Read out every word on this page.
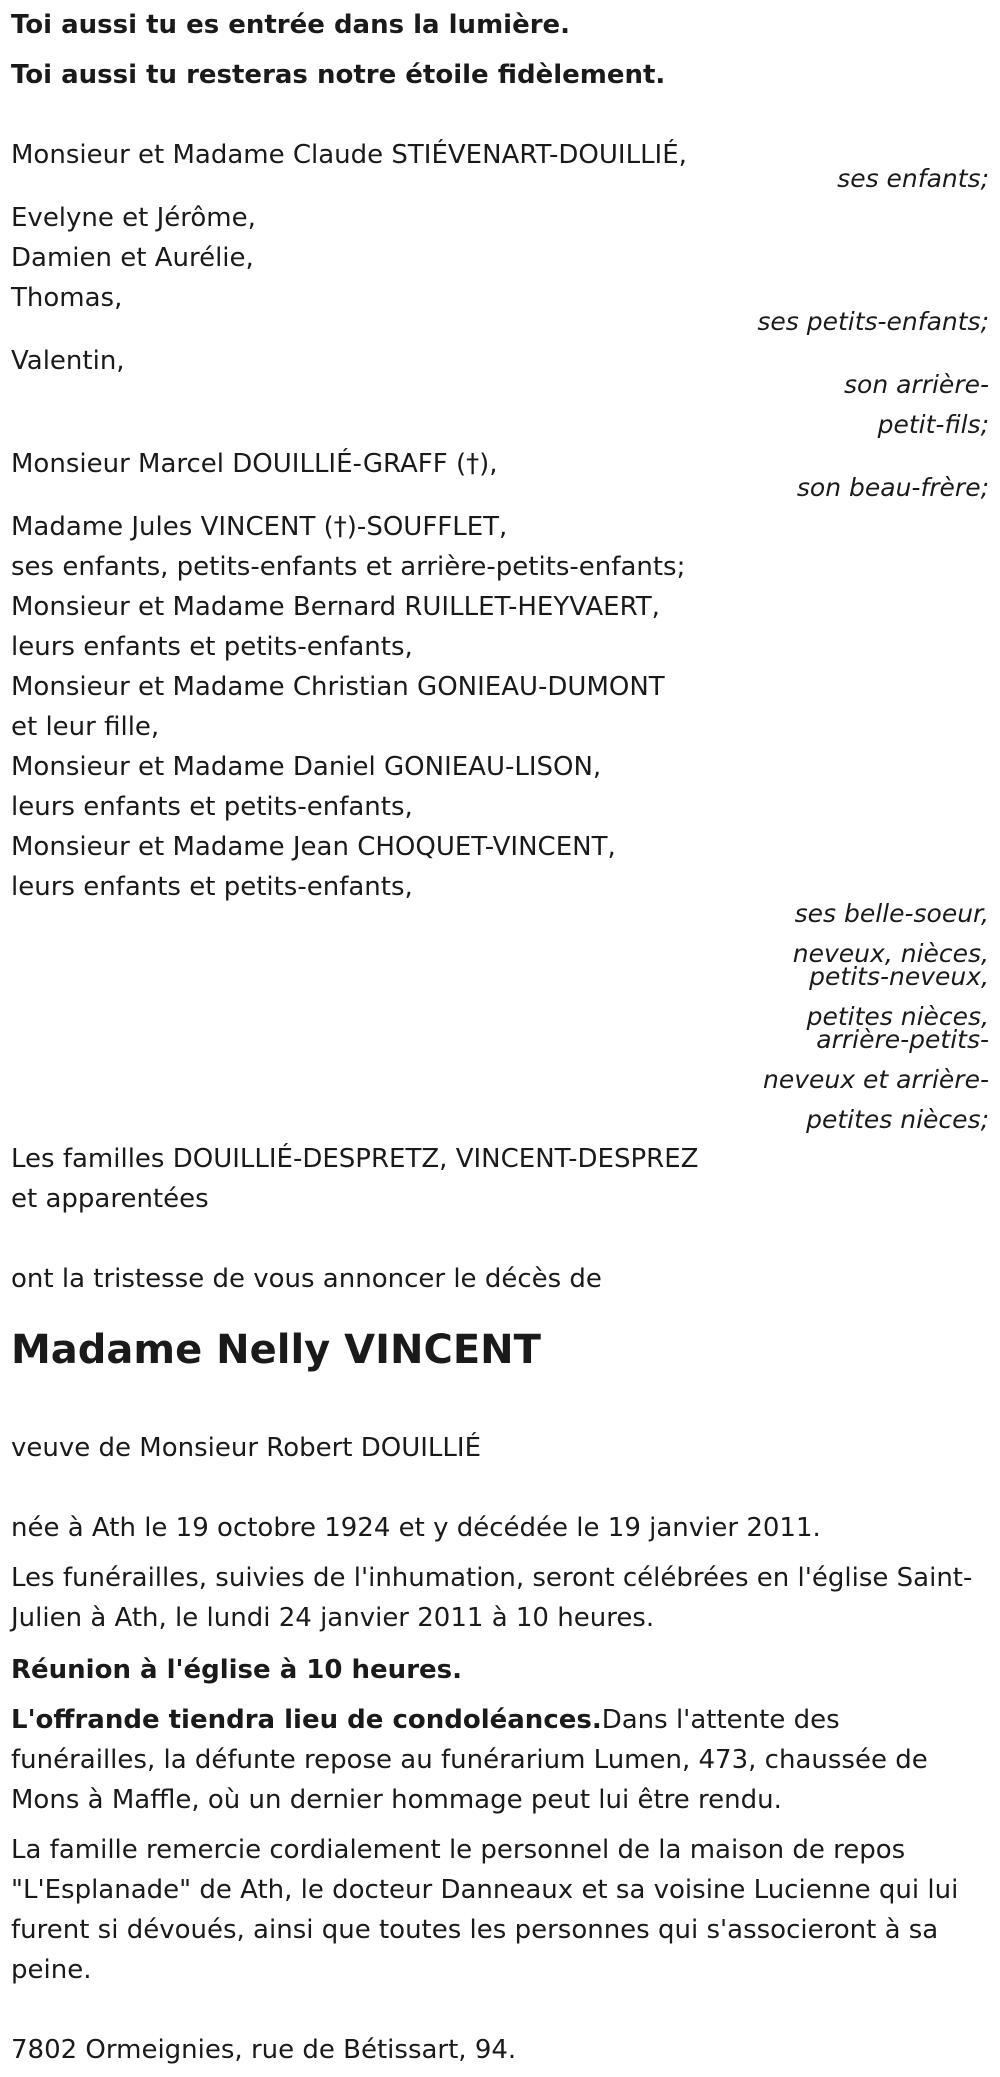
Toi aussi tu es entrée dans la lumière.
Toi aussi tu resteras notre étoile fidèlement.
Monsieur et Madame Claude STIÉVENART-DOUILLIÉ,
ses enfants;
Evelyne et Jérôme,
Damien et Aurélie,
Thomas,
ses petits-enfants;
Valentin,
son arrière-
petit-fils;
Monsieur Marcel DOUILLIÉ-GRAFF (†),
son beau-frère;
Madame Jules VINCENT (†)-SOUFFLET,
ses enfants, petits-enfants et arrière-petits-enfants;
Monsieur et Madame Bernard RUILLET-HEYVAERT,
leurs enfants et petits-enfants,
Monsieur et Madame Christian GONIEAU-DUMONT
et leur fille,
Monsieur et Madame Daniel GONIEAU-LISON,
leurs enfants et petits-enfants,
Monsieur et Madame Jean CHOQUET-VINCENT,
leurs enfants et petits-enfants,
ses belle-soeur,
neveux, nièces,
petits-neveux,
petites nièces,
arrière-petits-
neveux et arrière-
petites nièces;
Les familles DOUILLIÉ-DESPRETZ, VINCENT-DESPREZ
et apparentées
ont la tristesse de vous annoncer le décès de
Madame Nelly VINCENT
veuve de Monsieur Robert DOUILLIÉ
née à Ath le 19 octobre 1924 et y décédée le 19 janvier 2011.
Les funérailles, suivies de l'inhumation, seront célébrées en l'église Saint-Julien à Ath, le lundi 24 janvier 2011 à 10 heures.
Réunion à l'église à 10 heures.
L'offrande tiendra lieu de condoléances.Dans l'attente des funérailles, la défunte repose au funérarium Lumen, 473, chaussée de Mons à Maffle, où un dernier hommage peut lui être rendu.
La famille remercie cordialement le personnel de la maison de repos "L'Esplanade" de Ath, le docteur Danneaux et sa voisine Lucienne qui lui furent si dévoués, ainsi que toutes les personnes qui s'associeront à sa peine.
7802 Ormeignies, rue de Bétissart, 94.
